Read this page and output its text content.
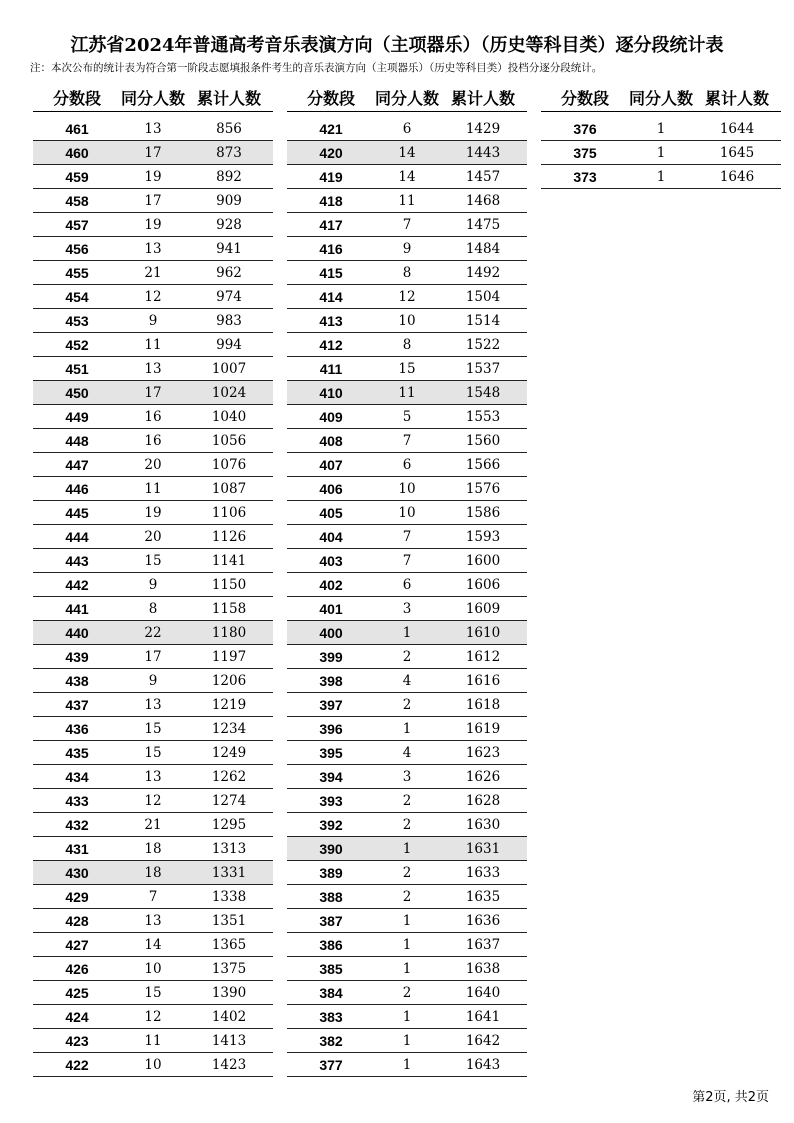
江苏省2024年普通高考音乐表演方向（主项器乐）（历史等科目类）逐分段统计表
注：本次公布的统计表为符合第一阶段志愿填报条件考生的音乐表演方向（主项器乐）（历史等科目类）投档分逐分段统计。
分数段	同分人数	累计人数

461	13	856
460	17	873
459	19	892
458	17	909
457	19	928
456	13	941
455	21	962
454	12	974
453	9	983
452	11	994
451	13	1007
450	17	1024
449	16	1040
448	16	1056
447	20	1076
446	11	1087
445	19	1106
444	20	1126
443	15	1141
442	9	1150
441	8	1158
440	22	1180
439	17	1197
438	9	1206
437	13	1219
436	15	1234
435	15	1249
434	13	1262
433	12	1274
432	21	1295
431	18	1313
430	18	1331
429	7	1338
428	13	1351
427	14	1365
426	10	1375
425	15	1390
424	12	1402
423	11	1413
422	10	1423
分数段	同分人数	累计人数

421	6	1429
420	14	1443
419	14	1457
418	11	1468
417	7	1475
416	9	1484
415	8	1492
414	12	1504
413	10	1514
412	8	1522
411	15	1537
410	11	1548
409	5	1553
408	7	1560
407	6	1566
406	10	1576
405	10	1586
404	7	1593
403	7	1600
402	6	1606
401	3	1609
400	1	1610
399	2	1612
398	4	1616
397	2	1618
396	1	1619
395	4	1623
394	3	1626
393	2	1628
392	2	1630
390	1	1631
389	2	1633
388	2	1635
387	1	1636
386	1	1637
385	1	1638
384	2	1640
383	1	1641
382	1	1642
377	1	1643
分数段	同分人数	累计人数

376	1	1644
375	1	1645
373	1	1646
第2页, 共2页
